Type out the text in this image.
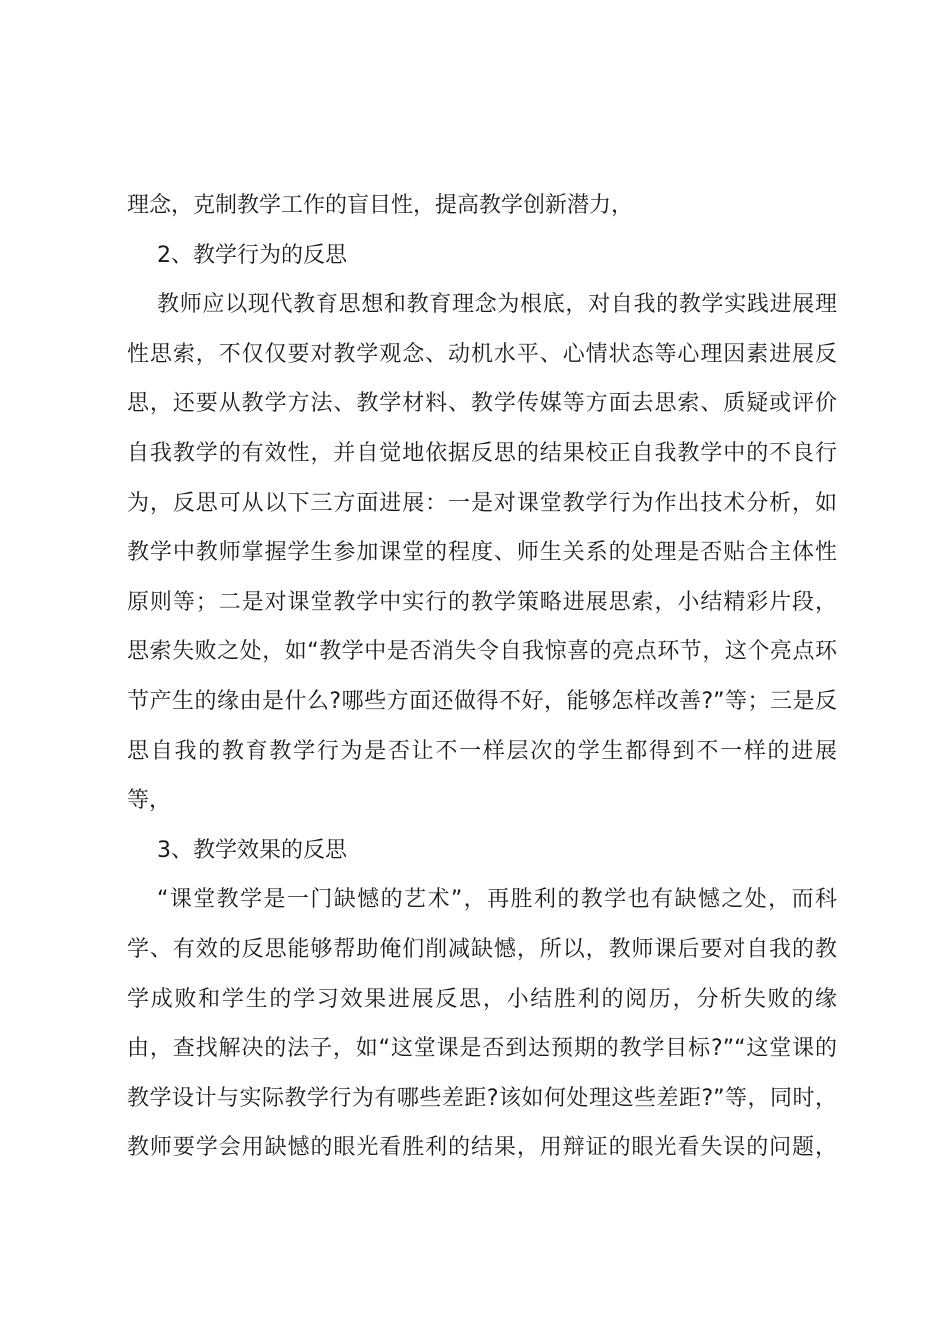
理念，克制教学工作的盲目性，提高教学创新潜力，
2、教学行为的反思
教师应以现代教育思想和教育理念为根底，对自我的教学实践进展理
性思索，不仅仅要对教学观念、动机水平、心情状态等心理因素进展反
思，还要从教学方法、教学材料、教学传媒等方面去思索、质疑或评价
自我教学的有效性，并自觉地依据反思的结果校正自我教学中的不良行
为，反思可从以下三方面进展：一是对课堂教学行为作出技术分析，如
教学中教师掌握学生参加课堂的程度、师生关系的处理是否贴合主体性
原则等；二是对课堂教学中实行的教学策略进展思索，小结精彩片段，
思索失败之处，如“教学中是否消失令自我惊喜的亮点环节，这个亮点环
节产生的缘由是什么?哪些方面还做得不好，能够怎样改善?”等；三是反
思自我的教育教学行为是否让不一样层次的学生都得到不一样的进展
等，
3、教学效果的反思
“课堂教学是一门缺憾的艺术”，再胜利的教学也有缺憾之处，而科
学、有效的反思能够帮助俺们削减缺憾，所以，教师课后要对自我的教
学成败和学生的学习效果进展反思，小结胜利的阅历，分析失败的缘
由，查找解决的法子，如“这堂课是否到达预期的教学目标?”“这堂课的
教学设计与实际教学行为有哪些差距?该如何处理这些差距?”等，同时，
教师要学会用缺憾的眼光看胜利的结果，用辩证的眼光看失误的问题，
